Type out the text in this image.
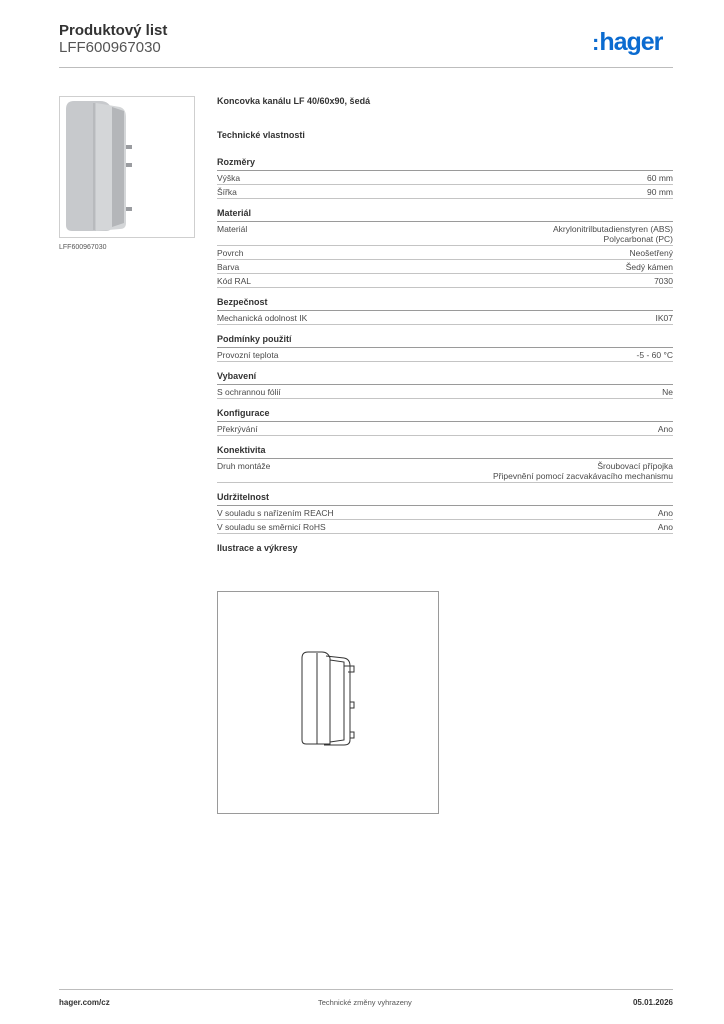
Produktový list
LFF600967030	:hager
LFF600967030
Koncovka kanálu LF 40/60x90, šedá
Technické vlastnosti
Rozměry
Výška	60 mm
Šířka	90 mm
Materiál
Materiál	Akrylonitrilbutadienstyren (ABS)
Polycarbonat (PC)
Povrch	Neošetřený
Barva	Šedý kámen
Kód RAL	7030
Bezpečnost
Mechanická odolnost IK	IK07
Podmínky použití
Provozní teplota	-5 - 60 °C
Vybavení
S ochrannou fólií	Ne
Konfigurace
Překrývání	Ano
Konektivita
Druh montáže	Šroubovací přípojka
Připevnění pomocí zacvakávacího mechanismu
Udržitelnost
V souladu s nařízením REACH	Ano
V souladu se směrnicí RoHS	Ano
Ilustrace a výkresy
hager.com/cz	Technické změny vyhrazeny	05.01.2026
